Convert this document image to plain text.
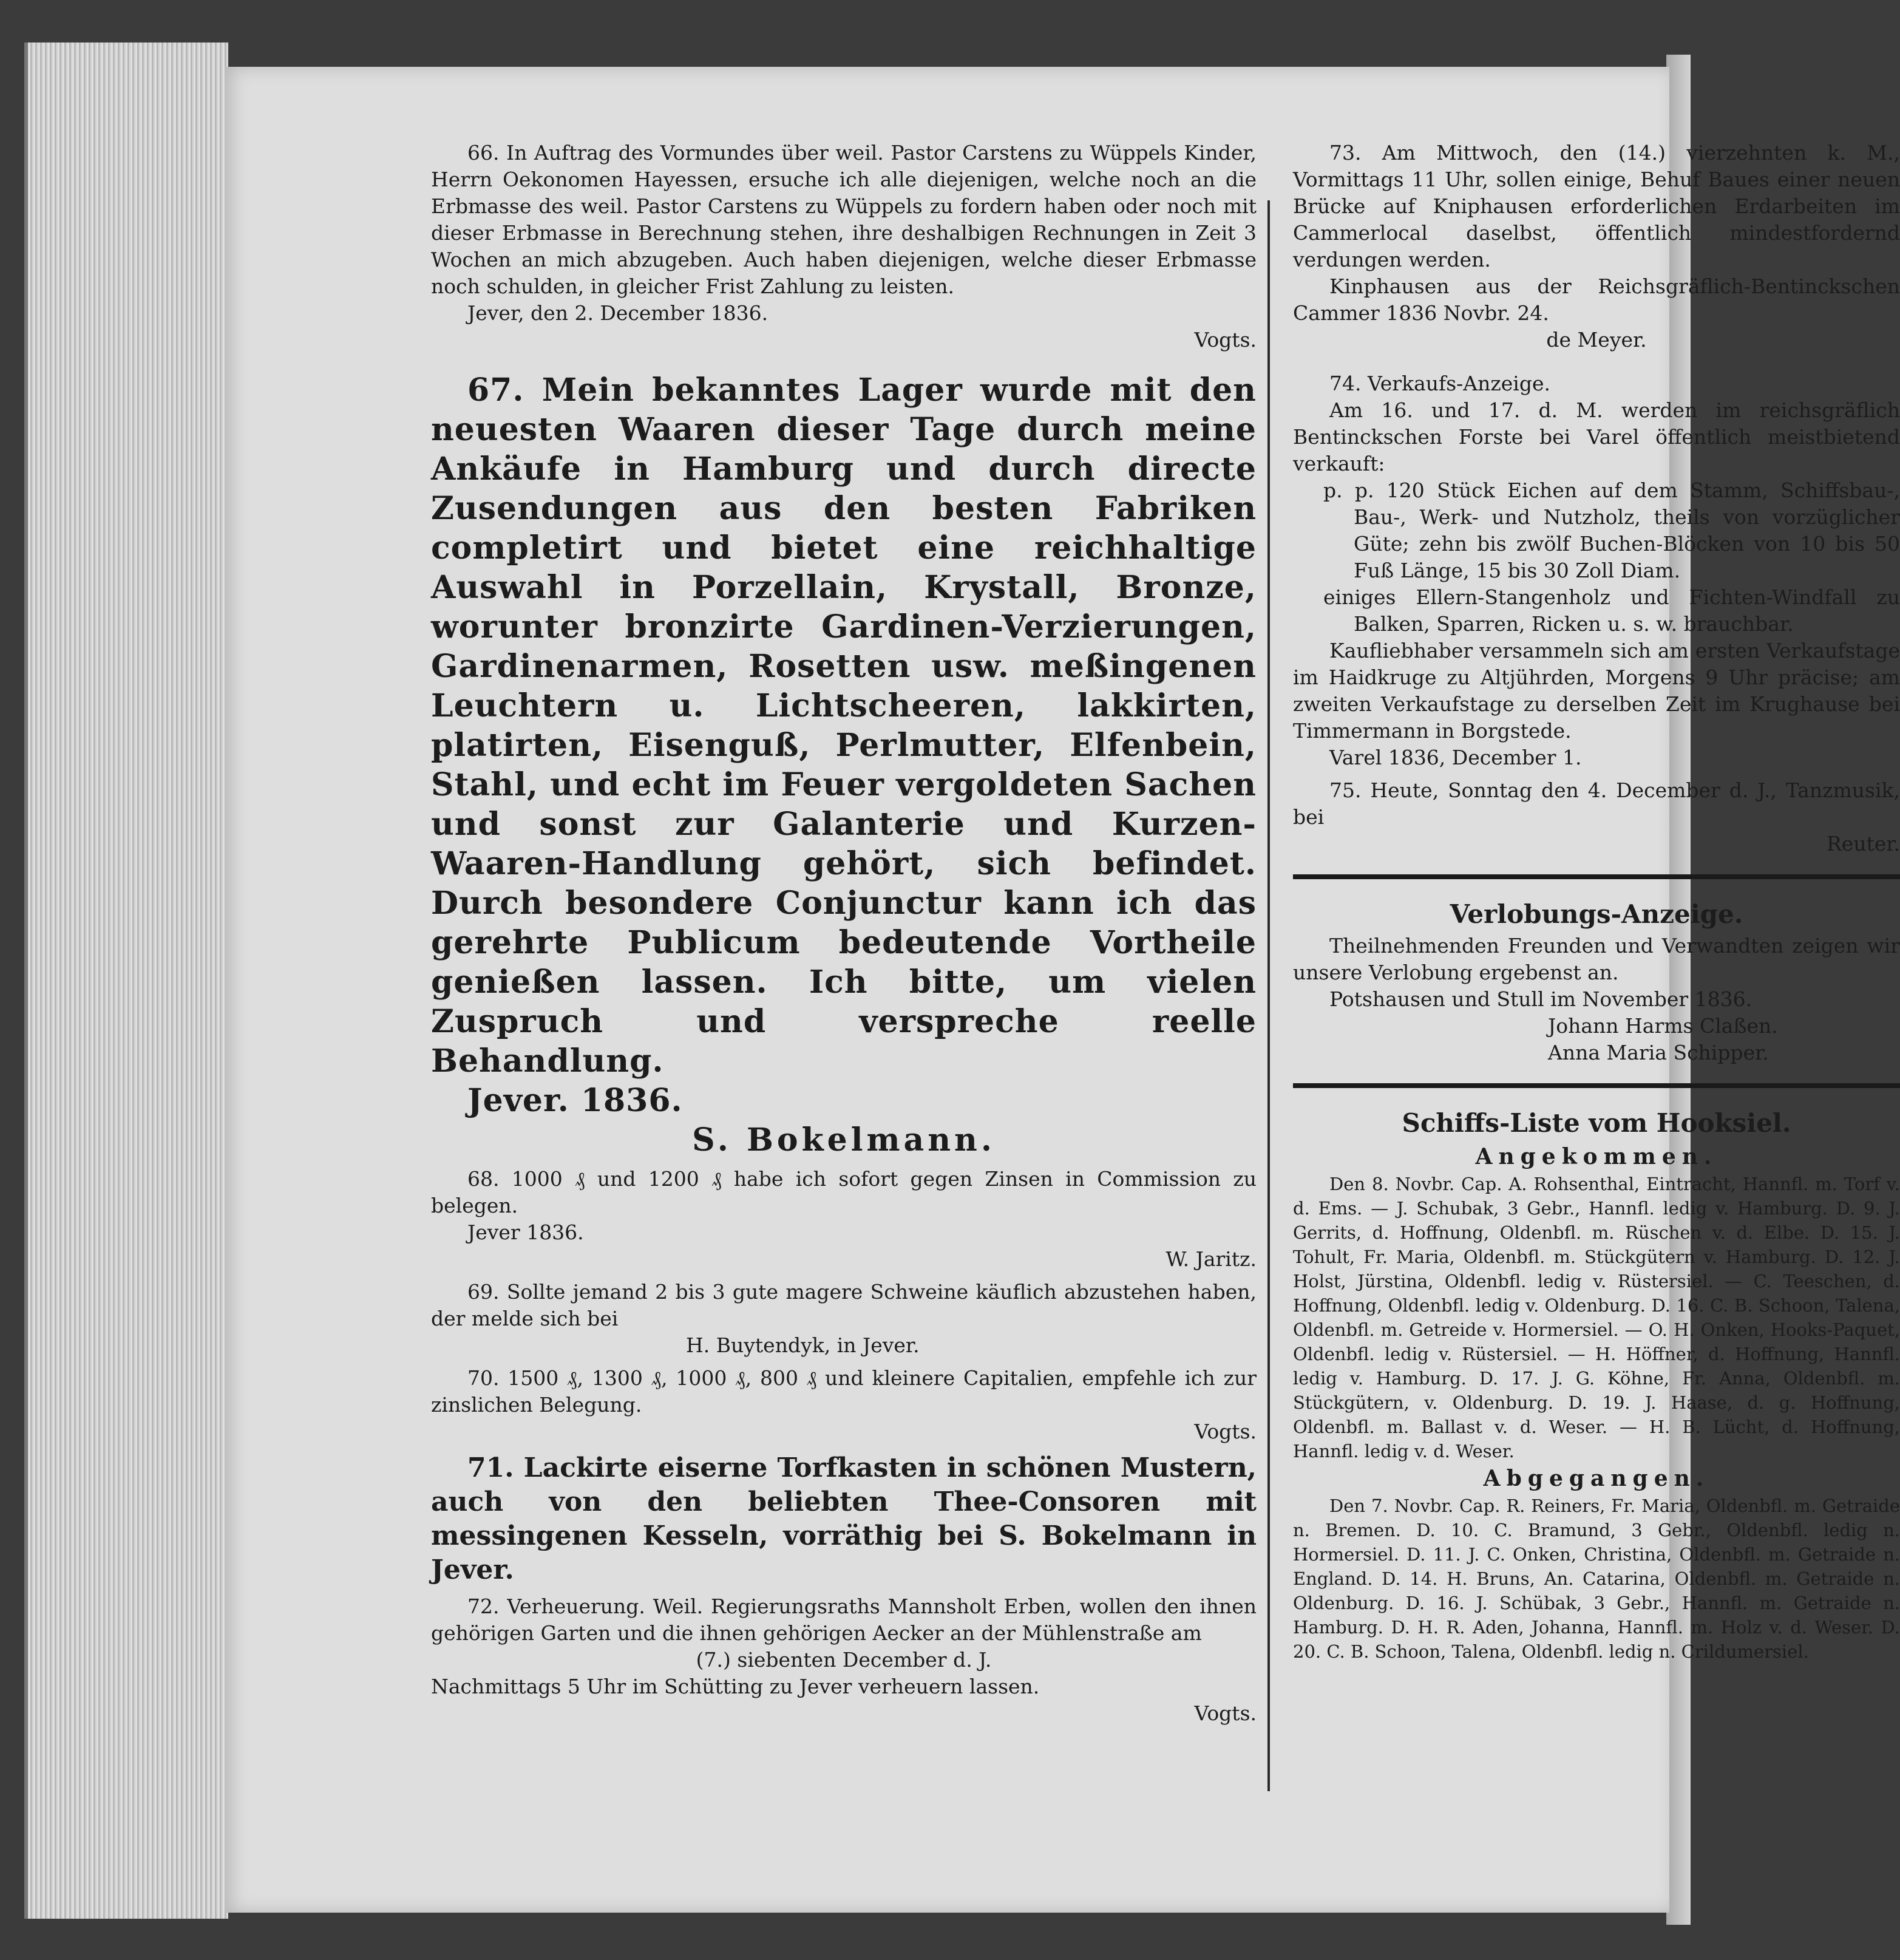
66. In Auftrag des Vormundes über weil. Pastor Carstens zu Wüppels Kinder, Herrn Oekonomen Hayessen, ersuche ich alle diejenigen, welche noch an die Erbmasse des weil. Pastor Carstens zu Wüppels zu fordern haben oder noch mit dieser Erbmasse in Berechnung stehen, ihre deshalbigen Rechnungen in Zeit 3 Wochen an mich abzugeben. Auch haben diejenigen, welche dieser Erbmasse noch schulden, in gleicher Frist Zahlung zu leisten.

Jever, den 2. December 1836.

Vogts.

67. Mein bekanntes Lager wurde mit den neuesten Waaren dieser Tage durch meine Ankäufe in Hamburg und durch directe Zusendungen aus den besten Fabriken completirt und bietet eine reichhaltige Auswahl in Porzellain, Krystall, Bronze, worunter bronzirte Gardinen-Verzierungen, Gardinenarmen, Rosetten usw. meßingenen Leuchtern u. Lichtscheeren, lakkirten, platirten, Eisenguß, Perlmutter, Elfenbein, Stahl, und echt im Feuer vergoldeten Sachen und sonst zur Galanterie und Kurzen-Waaren-Handlung gehört, sich befindet. Durch besondere Conjunctur kann ich das gerehrte Publicum bedeutende Vortheile genießen lassen. Ich bitte, um vielen Zuspruch und verspreche reelle Behandlung.

Jever. 1836.

S. Bokelmann.

68. 1000 ₰ und 1200 ₰ habe ich sofort gegen Zinsen in Commission zu belegen.

Jever 1836.

W. Jaritz.

69. Sollte jemand 2 bis 3 gute magere Schweine käuflich abzustehen haben, der melde sich bei

H. Buytendyk, in Jever.

70. 1500 ₰, 1300 ₰, 1000 ₰, 800 ₰ und kleinere Capitalien, empfehle ich zur zinslichen Belegung.

Vogts.

71. Lackirte eiserne Torfkasten in schönen Mustern, auch von den beliebten Thee-Consoren mit messingenen Kesseln, vorräthig bei S. Bokelmann in Jever.

72. Verheuerung. Weil. Regierungsraths Mannsholt Erben, wollen den ihnen gehörigen Garten und die ihnen gehörigen Aecker an der Mühlenstraße am

(7.) siebenten December d. J.

Nachmittags 5 Uhr im Schütting zu Jever verheuern lassen.

Vogts.

73. Am Mittwoch, den (14.) vierzehnten k. M., Vormittags 11 Uhr, sollen einige, Behuf Baues einer neuen Brücke auf Kniphausen erforderlichen Erdarbeiten im Cammerlocal daselbst, öffentlich mindestfordernd verdungen werden.

Kinphausen aus der Reichsgräflich-Bentinckschen Cammer 1836 Novbr. 24.

de Meyer.

74. Verkaufs-Anzeige.

Am 16. und 17. d. M. werden im reichsgräflich Bentinckschen Forste bei Varel öffentlich meistbietend verkauft:

p. p. 120 Stück Eichen auf dem Stamm, Schiffsbau-, Bau-, Werk- und Nutzholz, theils von vorzüglicher Güte; zehn bis zwölf Buchen-Blöcken von 10 bis 50 Fuß Länge, 15 bis 30 Zoll Diam.

einiges Ellern-Stangenholz und Fichten-Windfall zu Balken, Sparren, Ricken u. s. w. brauchbar.

Kaufliebhaber versammeln sich am ersten Verkaufstage im Haidkruge zu Altjührden, Morgens 9 Uhr präcise; am zweiten Verkaufstage zu derselben Zeit im Krughause bei Timmermann in Borgstede.

Varel 1836, December 1.

75. Heute, Sonntag den 4. December d. J., Tanzmusik, bei

Reuter.

Verlobungs-Anzeige.

Theilnehmenden Freunden und Verwandten zeigen wir unsere Verlobung ergebenst an.

Potshausen und Stull im November 1836.

Johann Harms Claßen.

Anna Maria Schipper.

Schiffs-Liste vom Hooksiel.

Angekommen.

Den 8. Novbr. Cap. A. Rohsenthal, Eintracht, Hannfl. m. Torf v. d. Ems. — J. Schubak, 3 Gebr., Hannfl. ledig v. Hamburg. D. 9. J. Gerrits, d. Hoffnung, Oldenbfl. m. Rüschen v. d. Elbe. D. 15. J. Tohult, Fr. Maria, Oldenbfl. m. Stückgütern v. Hamburg. D. 12. J. Holst, Jürstina, Oldenbfl. ledig v. Rüstersiel. — C. Teeschen, d. Hoffnung, Oldenbfl. ledig v. Oldenburg. D. 16. C. B. Schoon, Talena, Oldenbfl. m. Getreide v. Hormersiel. — O. H. Onken, Hooks-Paquet, Oldenbfl. ledig v. Rüstersiel. — H. Höffner, d. Hoffnung, Hannfl. ledig v. Hamburg. D. 17. J. G. Köhne, Fr. Anna, Oldenbfl. m. Stückgütern, v. Oldenburg. D. 19. J. Haase, d. g. Hoffnung, Oldenbfl. m. Ballast v. d. Weser. — H. B. Lücht, d. Hoffnung, Hannfl. ledig v. d. Weser.

Abgegangen.

Den 7. Novbr. Cap. R. Reiners, Fr. Maria, Oldenbfl. m. Getraide n. Bremen. D. 10. C. Bramund, 3 Gebr., Oldenbfl. ledig n. Hormersiel. D. 11. J. C. Onken, Christina, Oldenbfl. m. Getraide n. England. D. 14. H. Bruns, An. Catarina, Oldenbfl. m. Getraide n. Oldenburg. D. 16. J. Schübak, 3 Gebr., Hannfl. m. Getraide n. Hamburg. D. H. R. Aden, Johanna, Hannfl. m. Holz v. d. Weser. D. 20. C. B. Schoon, Talena, Oldenbfl. ledig n. Crildumersiel.
